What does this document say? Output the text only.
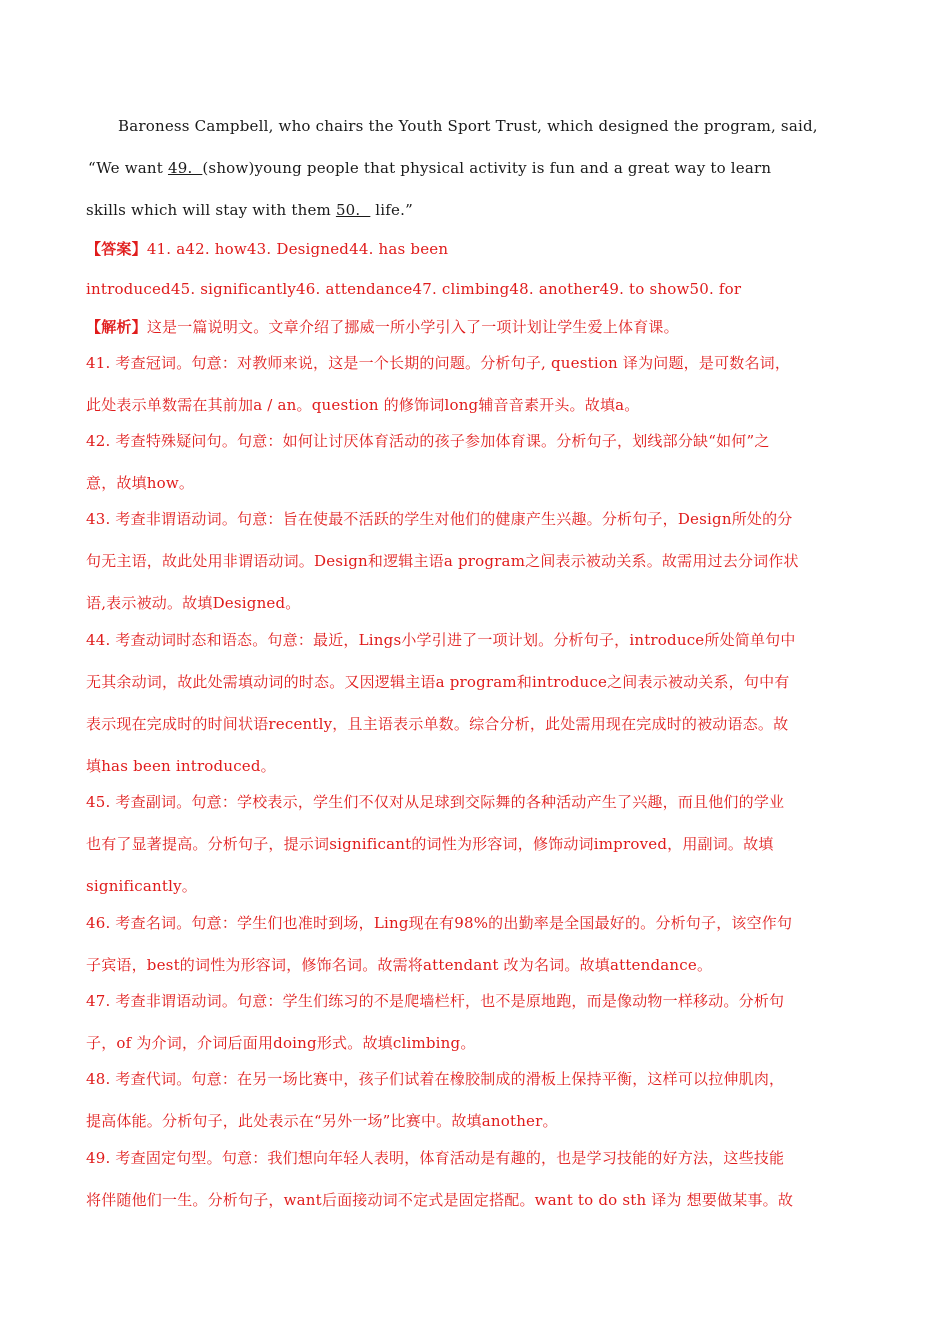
Baroness Campbell, who chairs the Youth Sport Trust, which designed the program, said,
“We want 49.  (show)young people that physical activity is fun and a great way to learn
skills which will stay with them 50.   life.”
【答案】41. a42. how43. Designed44. has been
introduced45. significantly46. attendance47. climbing48. another49. to show50. for
【解析】这是一篇说明文。文章介绍了挪威一所小学引入了一项计划让学生爱上体育课。
41. 考查冠词。句意：对教师来说，这是一个长期的问题。分析句子, question 译为问题，是可数名词，
此处表示单数需在其前加a / an。question 的修饰词long辅音音素开头。故填a。
42. 考查特殊疑问句。句意：如何让讨厌体育活动的孩子参加体育课。分析句子，划线部分缺“如何”之
意，故填how。
43. 考查非谓语动词。句意：旨在使最不活跃的学生对他们的健康产生兴趣。分析句子，Design所处的分
句无主语，故此处用非谓语动词。Design和逻辑主语a program之间表示被动关系。故需用过去分词作状
语,表示被动。故填Designed。
44. 考查动词时态和语态。句意：最近，Lings小学引进了一项计划。分析句子，introduce所处简单句中
无其余动词，故此处需填动词的时态。又因逻辑主语a program和introduce之间表示被动关系，句中有
表示现在完成时的时间状语recently，且主语表示单数。综合分析，此处需用现在完成时的被动语态。故
填has been introduced。
45. 考查副词。句意：学校表示，学生们不仅对从足球到交际舞的各种活动产生了兴趣，而且他们的学业
也有了显著提高。分析句子，提示词significant的词性为形容词，修饰动词improved，用副词。故填
significantly。
46. 考查名词。句意：学生们也准时到场，Ling现在有98%的出勤率是全国最好的。分析句子，该空作句
子宾语，best的词性为形容词，修饰名词。故需将attendant 改为名词。故填attendance。
47. 考查非谓语动词。句意：学生们练习的不是爬墙栏杆，也不是原地跑，而是像动物一样移动。分析句
子，of 为介词，介词后面用doing形式。故填climbing。
48. 考查代词。句意：在另一场比赛中，孩子们试着在橡胶制成的滑板上保持平衡，这样可以拉伸肌肉，
提高体能。分析句子，此处表示在“另外一场”比赛中。故填another。
49. 考查固定句型。句意：我们想向年轻人表明，体育活动是有趣的，也是学习技能的好方法，这些技能
将伴随他们一生。分析句子，want后面接动词不定式是固定搭配。want to do sth 译为 想要做某事。故
